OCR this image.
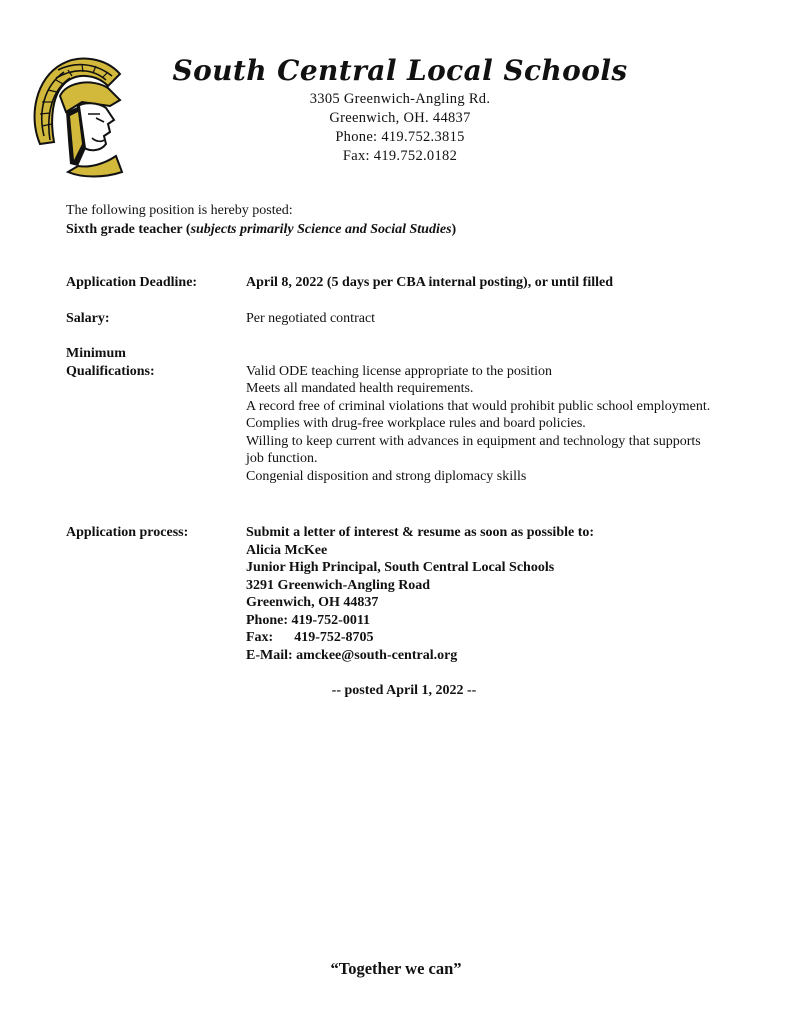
South Central Local Schools
3305 Greenwich-Angling Rd.
Greenwich, OH. 44837
Phone: 419.752.3815
Fax: 419.752.0182
The following position is hereby posted:
Sixth grade teacher (subjects primarily Science and Social Studies)
Application Deadline:	April 8, 2022 (5 days per CBA internal posting), or until filled
Salary:	Per negotiated contract
Minimum
Qualifications:	Valid ODE teaching license appropriate to the position
Meets all mandated health requirements.
A record free of criminal violations that would prohibit public school employment.
Complies with drug-free workplace rules and board policies.
Willing to keep current with advances in equipment and technology that supports job function.
Congenial disposition and strong diplomacy skills
Application process:	Submit a letter of interest & resume as soon as possible to:
Alicia McKee
Junior High Principal, South Central Local Schools
3291 Greenwich-Angling Road
Greenwich, OH 44837
Phone: 419-752-0011
Fax:      419-752-8705
E-Mail: amckee@south-central.org
-- posted April 1, 2022 --
“Together we can”
